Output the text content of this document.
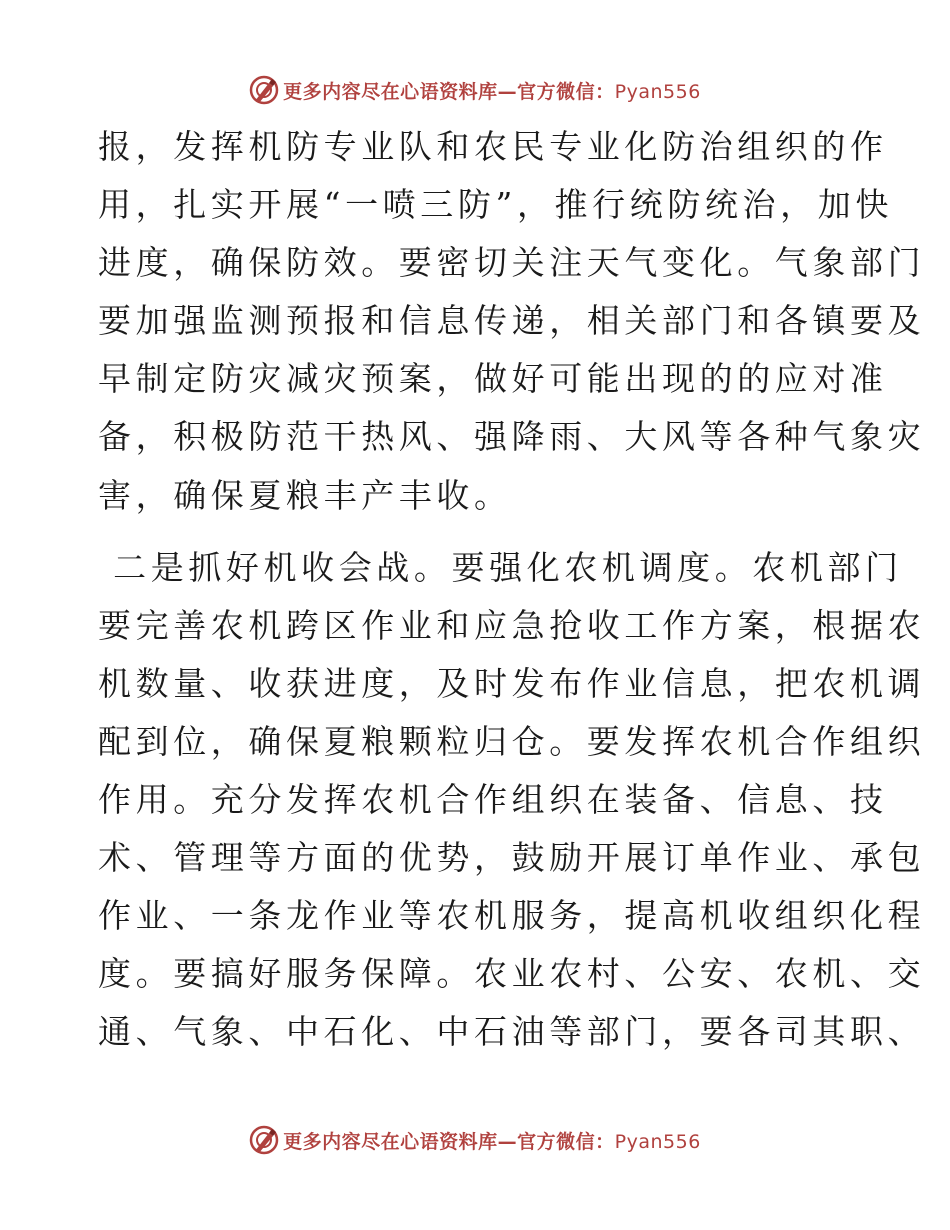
更多内容尽在心语资料库—官方微信：Pyan556
报，发挥机防专业队和农民专业化防治组织的作
用，扎实开展“一喷三防”，推行统防统治，加快
进度，确保防效。要密切关注天气变化。气象部门
要加强监测预报和信息传递，相关部门和各镇要及
早制定防灾减灾预案，做好可能出现的的应对准
备，积极防范干热风、强降雨、大风等各种气象灾
害，确保夏粮丰产丰收。
二是抓好机收会战。要强化农机调度。农机部门
要完善农机跨区作业和应急抢收工作方案，根据农
机数量、收获进度，及时发布作业信息，把农机调
配到位，确保夏粮颗粒归仓。要发挥农机合作组织
作用。充分发挥农机合作组织在装备、信息、技
术、管理等方面的优势，鼓励开展订单作业、承包
作业、一条龙作业等农机服务，提高机收组织化程
度。要搞好服务保障。农业农村、公安、农机、交
通、气象、中石化、中石油等部门，要各司其职、
更多内容尽在心语资料库—官方微信：Pyan556
